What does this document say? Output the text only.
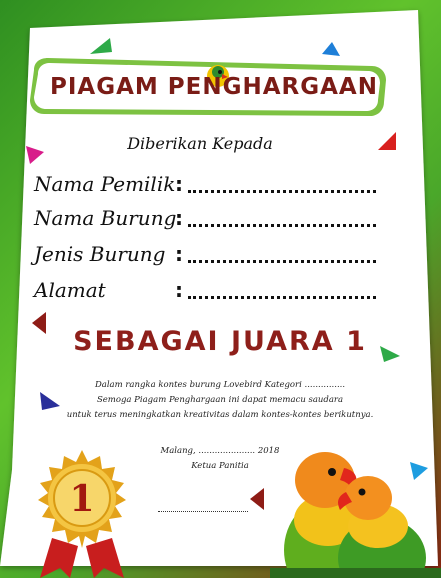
PIAGAM PENGHARGAAN
Diberikan Kepada
Nama Pemilik :
Nama Burung
:
Jenis Burung :
Alamat	:
SEBAGAI JUARA 1
Dalam rangka kontes burung Lovebird Kategori ...............
Semoga Piagam Penghargaan ini dapat memacu saudara
untuk terus meningkatkan kreativitas dalam kontes-kontes berikutnya.
Malang, ..................... 2018
Ketua Panitia
1
